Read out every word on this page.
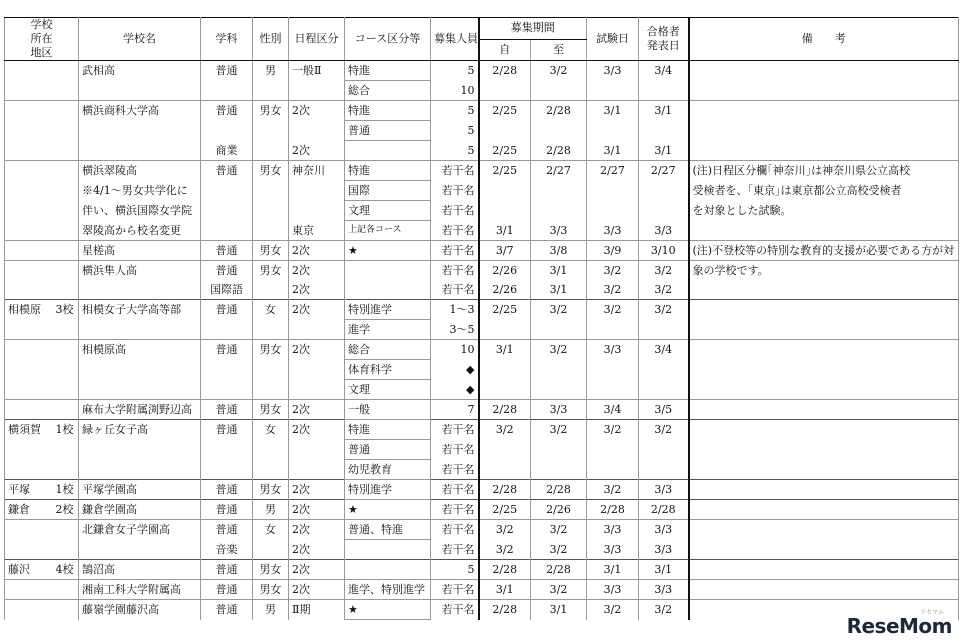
学校
所在
地区	学校名	学科	性別	日程区分	コース区分等	募集人員	募集期間		試験日	合格者
発表日	備　　考
							自	至			
	武相高	普通	男	一般Ⅱ	特進	5	2/28	3/2	3/3	3/4	
					総合	10					
	横浜商科大学高	普通	男女	2次	特進	5	2/25	2/28	3/1	3/1	
					普通	5					
		商業		2次		5	2/25	2/28	3/1	3/1	
	横浜翠陵高	普通	男女	神奈川	特進	若干名	2/25	2/27	2/27	2/27	(注)日程区分欄｢神奈川｣は神奈川県公立高校
	※4/1～男女共学化に				国際	若干名					受検者を、｢東京｣は東京都公立高校受検者
	伴い、横浜国際女学院				文理	若干名					を対象とした試験。
	翠陵高から校名変更			東京	上記各コース	若干名	3/1	3/3	3/3	3/3	
	星槎高	普通	男女	2次	★	若干名	3/7	3/8	3/9	3/10	(注)不登校等の特別な教育的支援が必要である方が対
	横浜隼人高	普通	男女	2次		若干名	2/26	3/1	3/2	3/2	象の学校です。
		国際語		2次		若干名	2/26	3/1	3/2	3/2	
相模原　 3校	相模女子大学高等部	普通	女	2次	特別進学	1～3	2/25	3/2	3/2	3/2	
					進学	3～5					
	相模原高	普通	男女	2次	総合	10	3/1	3/2	3/3	3/4	
					体育科学	◆					
					文理	◆					
	麻布大学附属渕野辺高	普通	男女	2次	一般	7	2/28	3/3	3/4	3/5	
横須賀　 1校	緑ヶ丘女子高	普通	女	2次	特進	若干名	3/2	3/2	3/2	3/2	
					普通	若干名					
					幼児教育	若干名					
平塚　　 1校	平塚学園高	普通	男女	2次	特別進学	若干名	2/28	2/28	3/2	3/3	
鎌倉　　 2校	鎌倉学園高	普通	男	2次	★	若干名	2/25	2/26	2/28	2/28	
	北鎌倉女子学園高	普通	女	2次	普通、特進	若干名	3/2	3/2	3/3	3/3	
		音楽		2次		若干名	3/2	3/2	3/3	3/3	
藤沢　　 4校	鵠沼高	普通	男女	2次		5	2/28	2/28	3/1	3/1	
	湘南工科大学附属高	普通	男女	2次	進学、特別進学	若干名	3/1	3/2	3/3	3/3	
	藤嶺学園藤沢高	普通	男	Ⅱ期	★	若干名	2/28	3/1	3/2	3/2		リセマム
ReseMom
